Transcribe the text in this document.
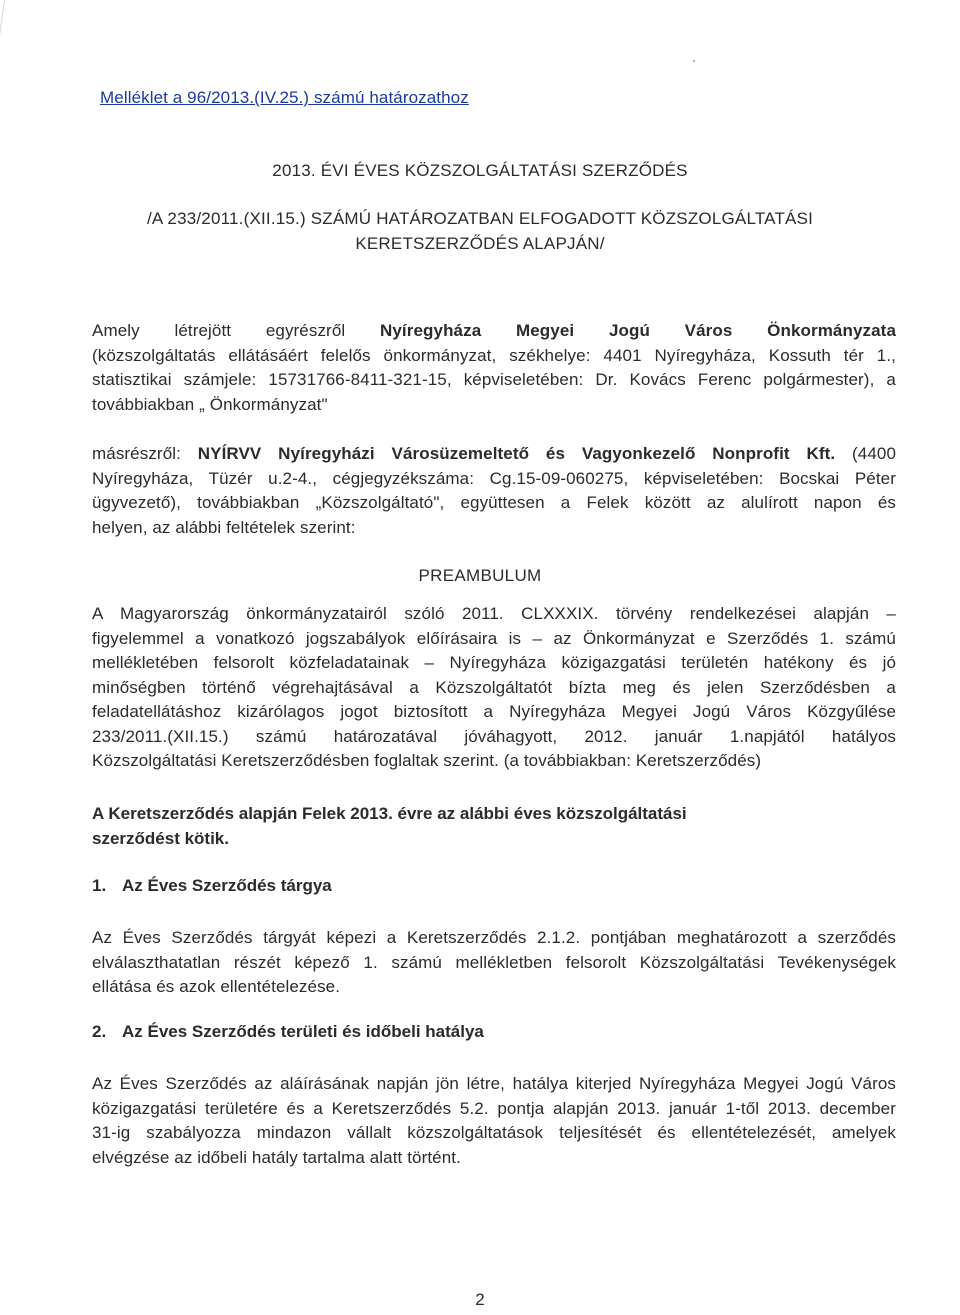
Melléklet a 96/2013.(IV.25.) számú határozathoz
2013. ÉVI ÉVES KÖZSZOLGÁLTATÁSI SZERZŐDÉS
/A 233/2011.(XII.15.) SZÁMÚ HATÁROZATBAN ELFOGADOTT KÖZSZOLGÁLTATÁSI
KERETSZERZŐDÉS ALAPJÁN/
Amely létrejött egyrészről Nyíregyháza Megyei Jogú Város Önkormányzata
(közszolgáltatás ellátásáért felelős önkormányzat, székhelye: 4401 Nyíregyháza, Kossuth tér 1.,
statisztikai számjele: 15731766-8411-321-15, képviseletében: Dr. Kovács Ferenc polgármester), a
továbbiakban „ Önkormányzat"
másrészről: NYÍRVV Nyíregyházi Városüzemeltető és Vagyonkezelő Nonprofit Kft. (4400
Nyíregyháza, Tüzér u.2-4., cégjegyzékszáma: Cg.15-09-060275, képviseletében: Bocskai Péter
ügyvezető), továbbiakban „Közszolgáltató", együttesen a Felek között az alulírott napon és
helyen, az alábbi feltételek szerint:
PREAMBULUM
A Magyarország önkormányzatairól szóló 2011. CLXXXIX. törvény rendelkezései alapján –
figyelemmel a vonatkozó jogszabályok előírásaira is – az Önkormányzat e Szerződés 1. számú
mellékletében felsorolt közfeladatainak – Nyíregyháza közigazgatási területén hatékony és jó
minőségben történő végrehajtásával a Közszolgáltatót bízta meg és jelen Szerződésben a
feladatellátáshoz kizárólagos jogot biztosított a Nyíregyháza Megyei Jogú Város Közgyűlése
233/2011.(XII.15.) számú határozatával jóváhagyott, 2012. január 1.napjától hatályos
Közszolgáltatási Keretszerződésben foglaltak szerint. (a továbbiakban: Keretszerződés)
A Keretszerződés alapján Felek 2013. évre az alábbi éves közszolgáltatási
szerződést kötik.
1. Az Éves Szerződés tárgya
Az Éves Szerződés tárgyát képezi a Keretszerződés 2.1.2. pontjában meghatározott a szerződés
elválaszthatatlan részét képező 1. számú mellékletben felsorolt Közszolgáltatási Tevékenységek
ellátása és azok ellentételezése.
2. Az Éves Szerződés területi és időbeli hatálya
Az Éves Szerződés az aláírásának napján jön létre, hatálya kiterjed Nyíregyháza Megyei Jogú Város
közigazgatási területére és a Keretszerződés 5.2. pontja alapján 2013. január 1-től 2013. december
31-ig szabályozza mindazon vállalt közszolgáltatások teljesítését és ellentételezését, amelyek
elvégzése az időbeli hatály tartalma alatt történt.
2
